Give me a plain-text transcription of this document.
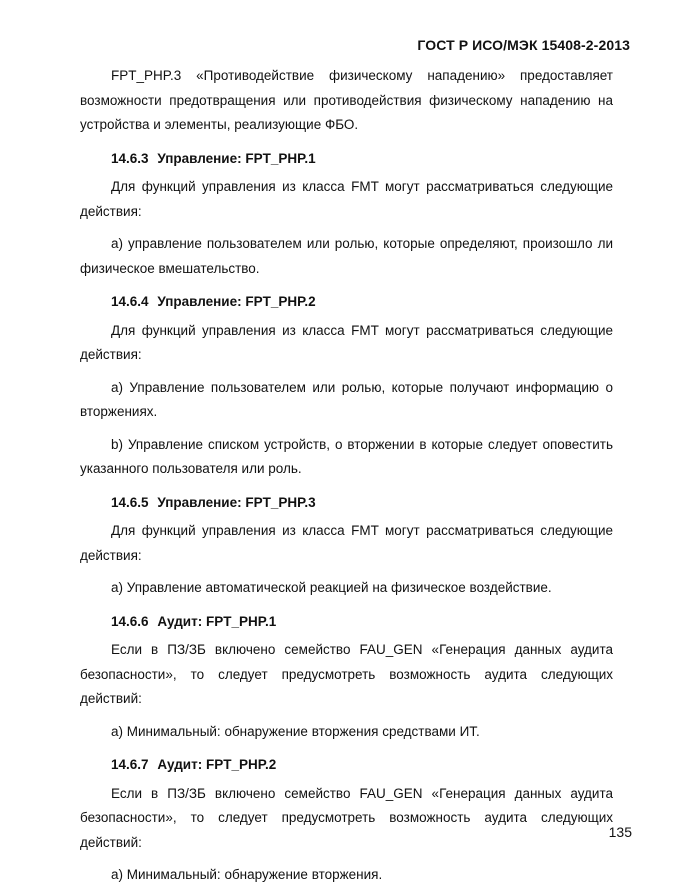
ГОСТ Р ИСО/МЭК 15408-2-2013

FPT_PHP.3 «Противодействие физическому нападению» предоставляет возможности предотвращения или противодействия физическому нападению на устройства и элементы, реализующие ФБО.

14.6.3 Управление: FPT_PHP.1

Для функций управления из класса FMT могут рассматриваться следующие действия:

a) управление пользователем или ролью, которые определяют, произошло ли физическое вмешательство.

14.6.4 Управление: FPT_PHP.2

Для функций управления из класса FMT могут рассматриваться следующие действия:

a) Управление пользователем или ролью, которые получают информацию о вторжениях.

b) Управление списком устройств, о вторжении в которые следует оповестить указанного пользователя или роль.

14.6.5 Управление: FPT_PHP.3

Для функций управления из класса FMT могут рассматриваться следующие действия:

a) Управление автоматической реакцией на физическое воздействие.

14.6.6 Аудит: FPT_PHP.1

Если в ПЗ/ЗБ включено семейство FAU_GEN «Генерация данных аудита безопасности», то следует предусмотреть возможность аудита следующих действий:

a) Минимальный: обнаружение вторжения средствами ИТ.

14.6.7 Аудит: FPT_PHP.2

Если в ПЗ/ЗБ включено семейство FAU_GEN «Генерация данных аудита безопасности», то следует предусмотреть возможность аудита следующих действий:

a) Минимальный: обнаружение вторжения.

135
